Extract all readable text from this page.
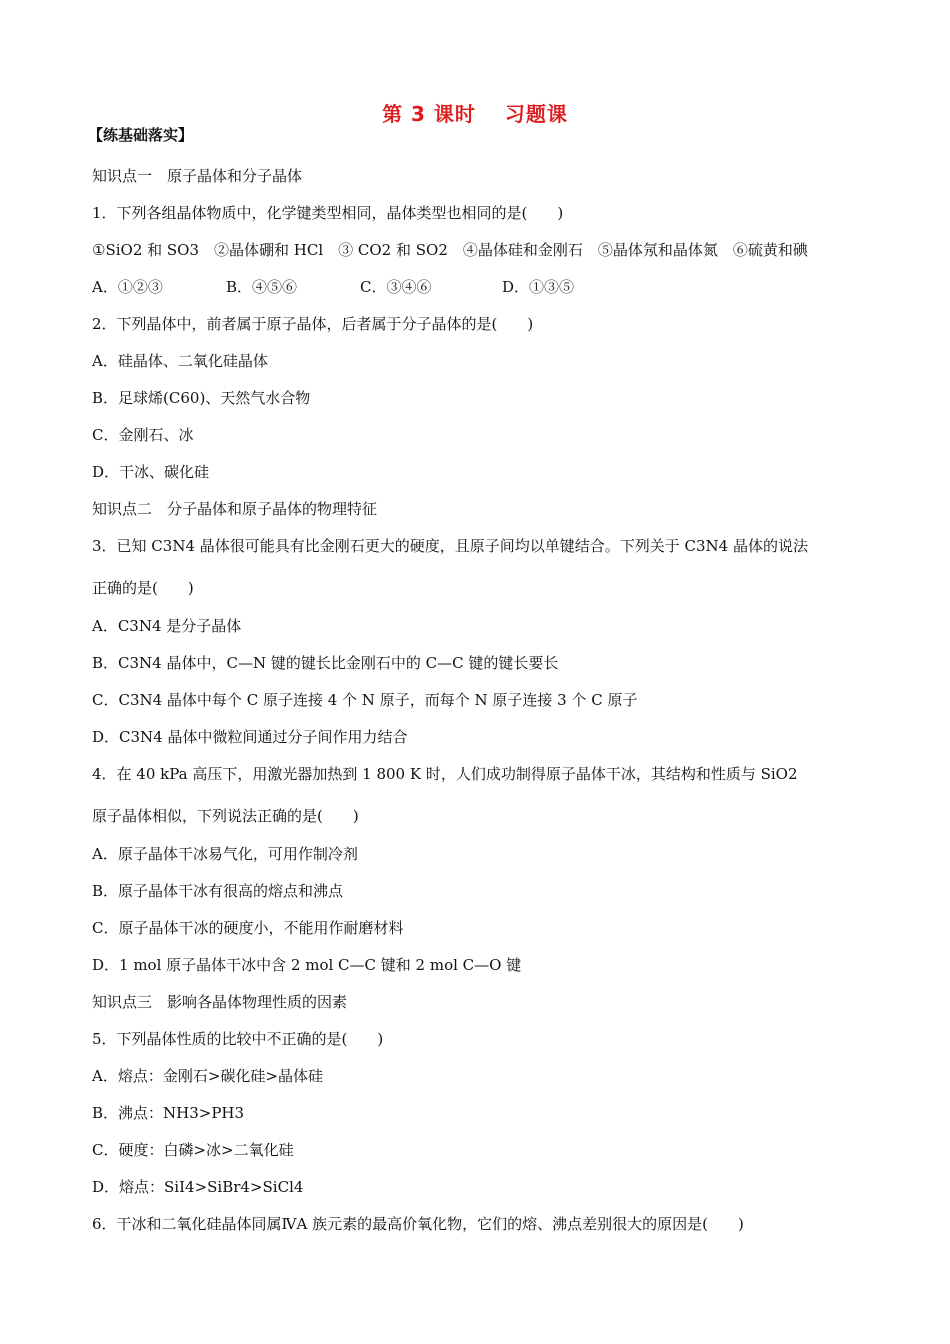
第 3 课时　 习题课
【练基础落实】
知识点一　原子晶体和分子晶体
1．下列各组晶体物质中，化学键类型相同，晶体类型也相同的是(　　)
①SiO2 和 SO3　②晶体硼和 HCl　③ CO2 和 SO2　④晶体硅和金刚石　⑤晶体氖和晶体氮　⑥硫黄和碘
A．①②③	B．④⑤⑥	C．③④⑥	D．①③⑤
2．下列晶体中，前者属于原子晶体，后者属于分子晶体的是(　　)
A．硅晶体、二氧化硅晶体
B．足球烯(C60)、天然气水合物
C．金刚石、冰
D．干冰、碳化硅
知识点二　分子晶体和原子晶体的物理特征
3．已知 C3N4 晶体很可能具有比金刚石更大的硬度，且原子间均以单键结合。下列关于 C3N4 晶体的说法
正确的是(　　)
A．C3N4 是分子晶体
B．C3N4 晶体中，C—N 键的键长比金刚石中的 C—C 键的键长要长
C．C3N4 晶体中每个 C 原子连接 4 个 N 原子，而每个 N 原子连接 3 个 C 原子
D．C3N4 晶体中微粒间通过分子间作用力结合
4．在 40 kPa 高压下，用激光器加热到 1 800 K 时，人们成功制得原子晶体干冰，其结构和性质与 SiO2
原子晶体相似，下列说法正确的是(　　)
A．原子晶体干冰易气化，可用作制冷剂
B．原子晶体干冰有很高的熔点和沸点
C．原子晶体干冰的硬度小，不能用作耐磨材料
D．1 mol 原子晶体干冰中含 2 mol C—C 键和 2 mol C—O 键
知识点三　影响各晶体物理性质的因素
5．下列晶体性质的比较中不正确的是(　　)
A．熔点：金刚石>碳化硅>晶体硅
B．沸点：NH3>PH3
C．硬度：白磷>冰>二氧化硅
D．熔点：SiI4>SiBr4>SiCl4
6．干冰和二氧化硅晶体同属ⅣA 族元素的最高价氧化物，它们的熔、沸点差别很大的原因是(　　)
